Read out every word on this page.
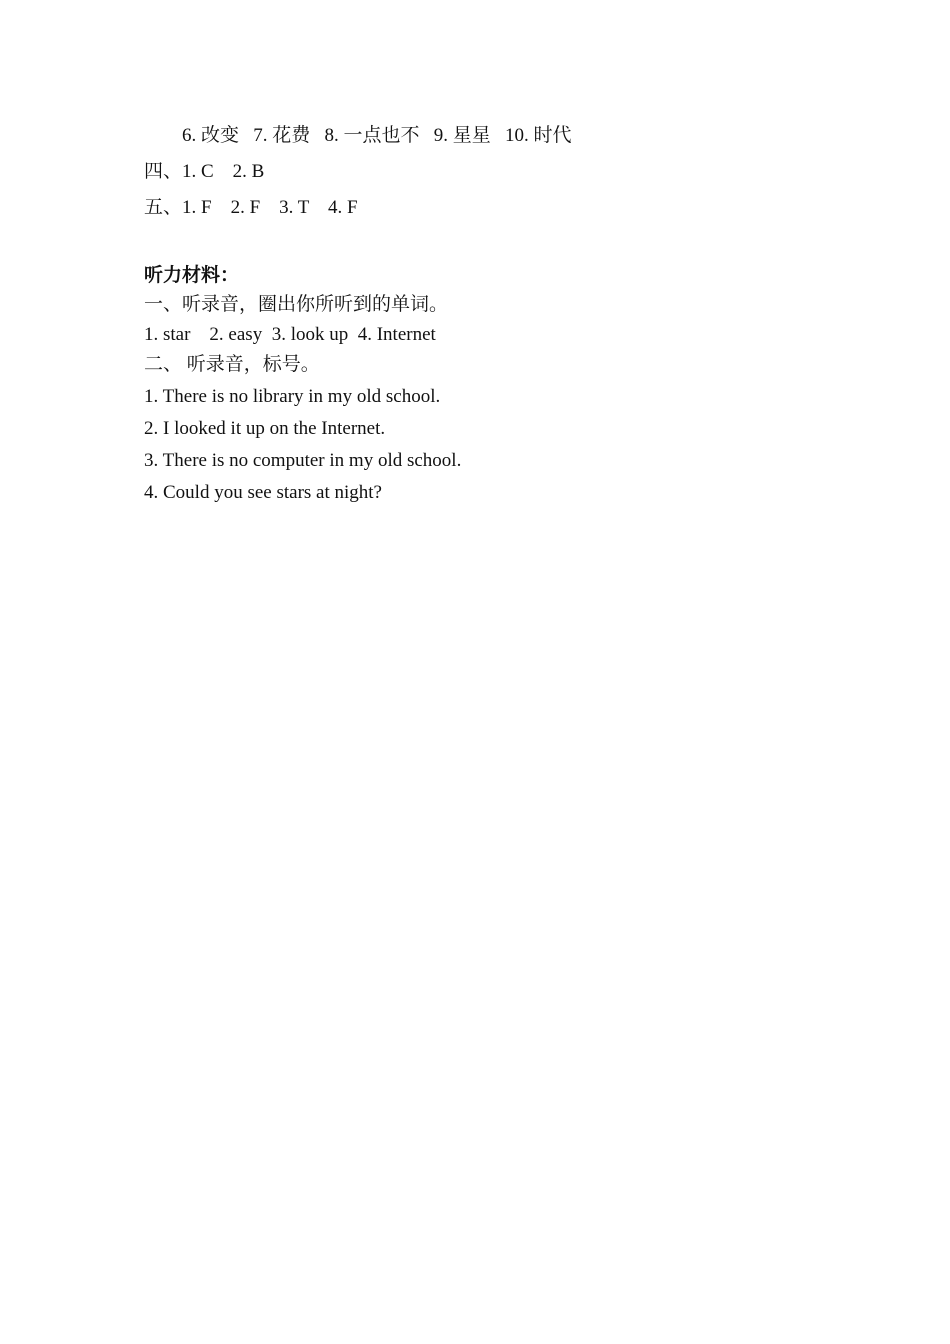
6. 改变   7. 花费   8. 一点也不   9. 星星   10. 时代
四、1. C    2. B
五、1. F    2. F    3. T    4. F
听力材料：
一、听录音，圈出你所听到的单词。
1. star    2. easy  3. look up  4. Internet
二、 听录音，标号。
1. There is no library in my old school.
2. I looked it up on the Internet.
3. There is no computer in my old school.
4. Could you see stars at night?
